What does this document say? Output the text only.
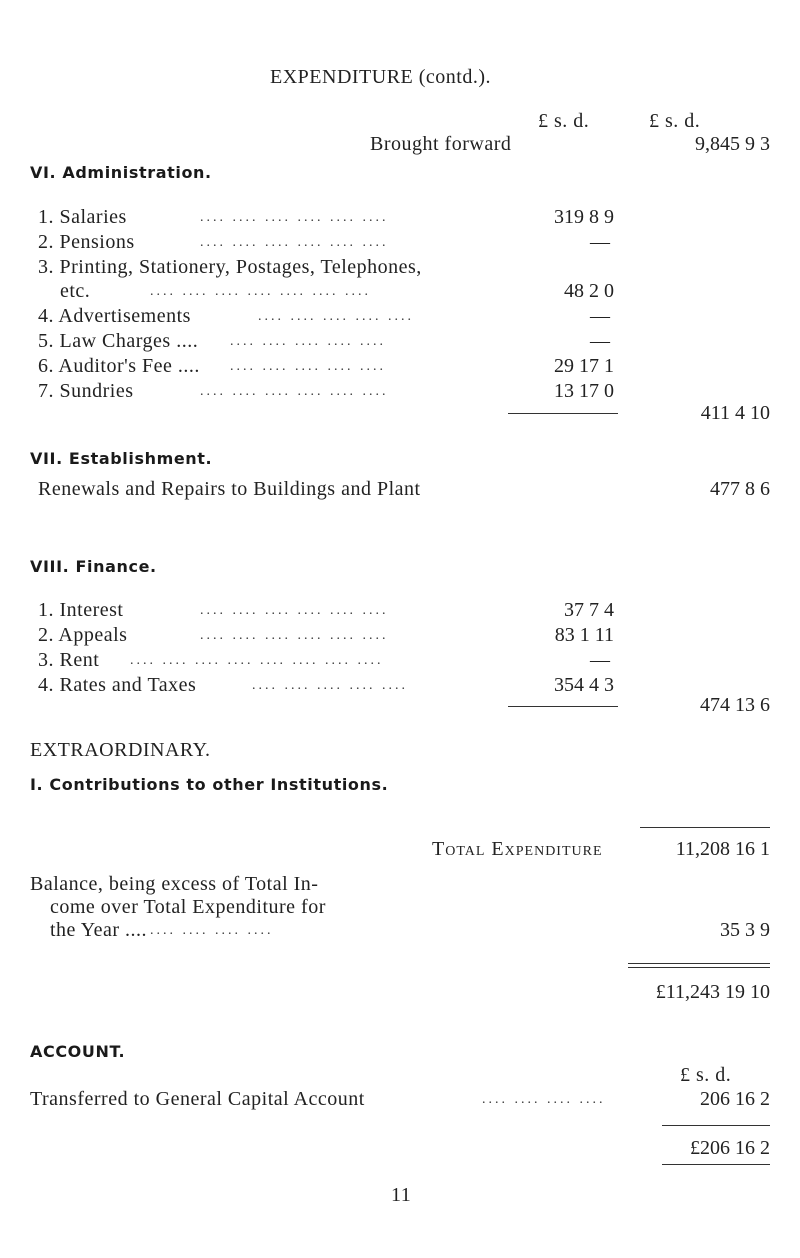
EXPENDITURE (contd.).
£ s. d.	£ s. d.
Brought forward	9,845 9 3
VI. Administration.
1. Salaries	.... .... .... .... .... ....	319 8 9
2. Pensions	.... .... .... .... .... ....	—
3. Printing, Stationery, Postages, Telephones,
etc.	.... .... .... .... .... .... ....	48 2 0
4. Advertisements	.... .... .... .... ....	—
5. Law Charges .... .... .... .... .... ....	—
6. Auditor's Fee .... .... .... .... .... ....	29 17 1
7. Sundries	.... .... .... .... .... ....	13 17 0
411 4 10
VII. Establishment.
Renewals and Repairs to Buildings and Plant	477 8 6
VIII. Finance.
1. Interest	.... .... .... .... .... ....	37 7 4
2. Appeals	.... .... .... .... .... ....	83 1 11
3. Rent .... .... .... .... .... .... .... ....	—
4. Rates and Taxes	.... .... .... .... ....	354 4 3
474 13 6
EXTRAORDINARY.
I. Contributions to other Institutions.
Total Expenditure	11,208 16 1
Balance, being excess of Total In-
come over Total Expenditure for
the Year .... .... .... .... ....	35 3 9
£11,243 19 10
ACCOUNT.
£ s. d.
Transferred to General Capital Account	.... .... .... ....	206 16 2
£206 16 2
11
